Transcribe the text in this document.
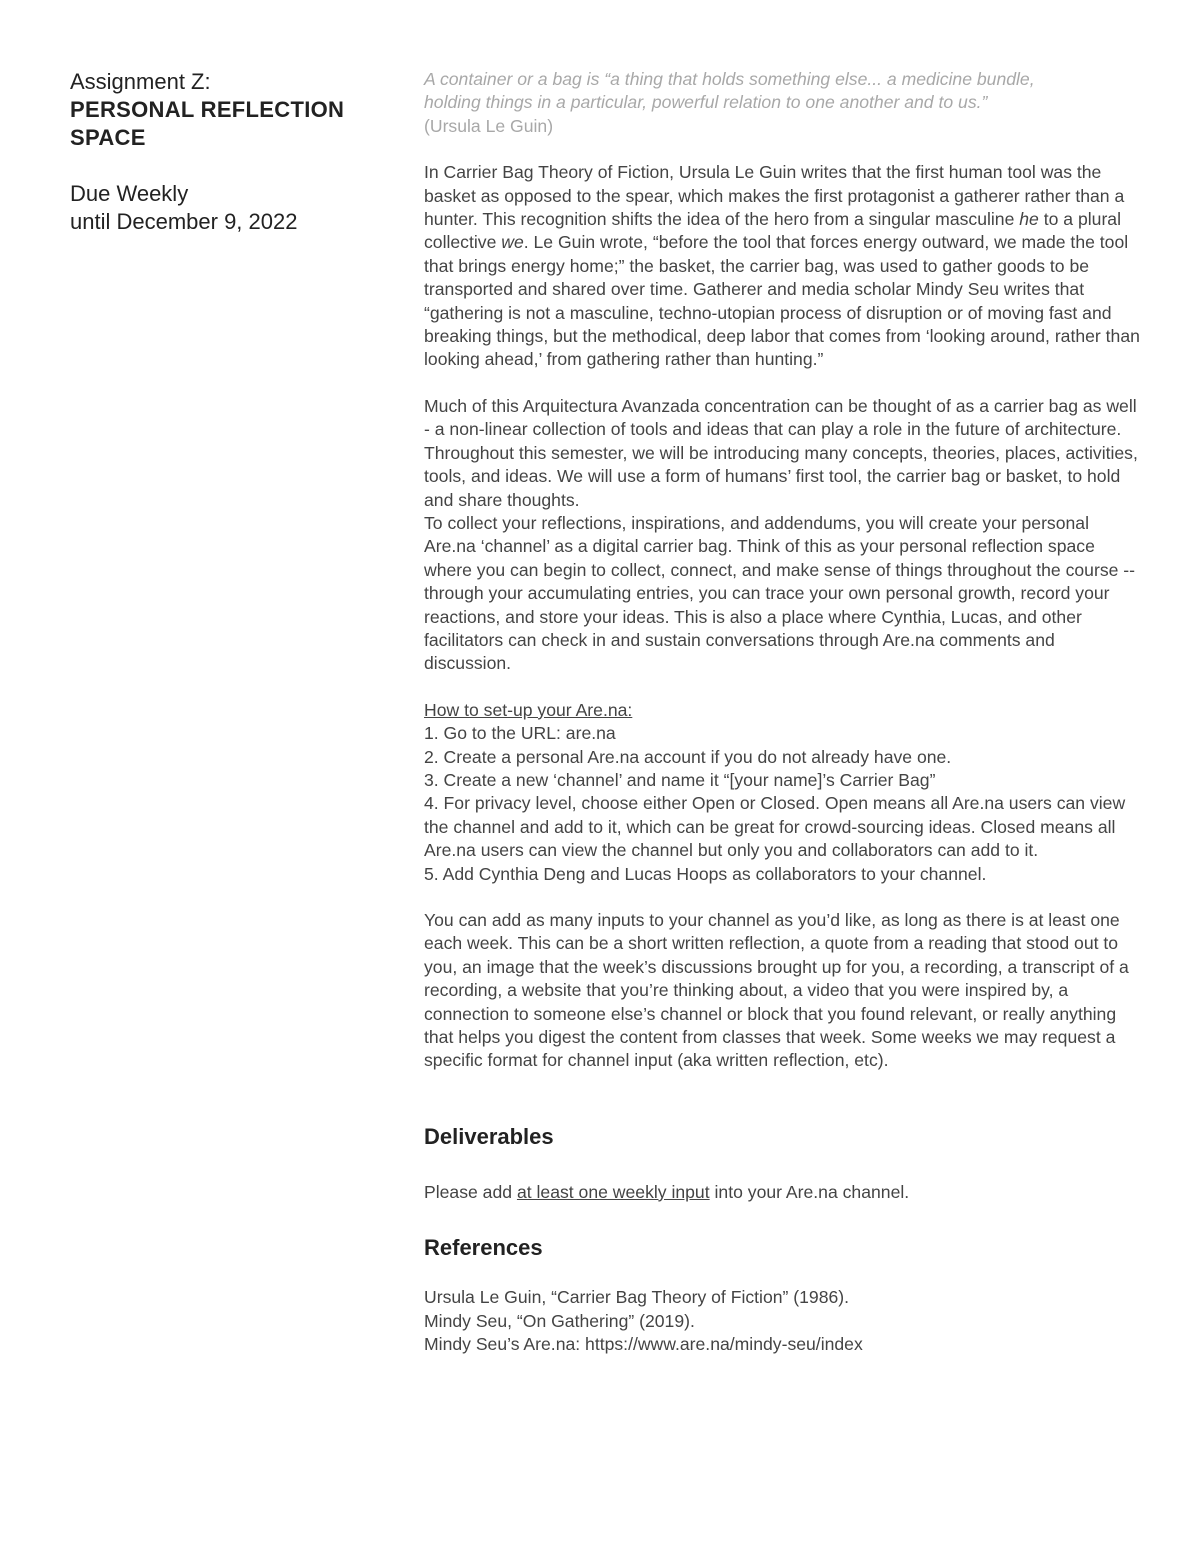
Assignment Z:
PERSONAL REFLECTION
SPACE
Due Weekly
until December 9, 2022
A container or a bag is “a thing that holds something else... a medicine bundle,
holding things in a particular, powerful relation to one another and to us.”
(Ursula Le Guin)

In Carrier Bag Theory of Fiction, Ursula Le Guin writes that the first human tool was the basket as opposed to the spear, which makes the first protagonist a gatherer rather than a hunter. This recognition shifts the idea of the hero from a singular masculine he to a plural collective we. Le Guin wrote, “before the tool that forces energy outward, we made the tool that brings energy home;” the basket, the carrier bag, was used to gather goods to be transported and shared over time. Gatherer and media scholar Mindy Seu writes that “gathering is not a masculine, techno-utopian process of disruption or of moving fast and breaking things, but the methodical, deep labor that comes from ‘looking around, rather than looking ahead,’ from gathering rather than hunting.”

Much of this Arquitectura Avanzada concentration can be thought of as a carrier bag as well - a non-linear collection of tools and ideas that can play a role in the future of architecture. Throughout this semester, we will be introducing many concepts, theories, places, activities, tools, and ideas. We will use a form of humans’ first tool, the carrier bag or basket, to hold and share thoughts.

To collect your reflections, inspirations, and addendums, you will create your personal Are.na ‘channel’ as a digital carrier bag. Think of this as your personal reflection space where you can begin to collect, connect, and make sense of things throughout the course -- through your accumulating entries, you can trace your own personal growth, record your reactions, and store your ideas. This is also a place where Cynthia, Lucas, and other facilitators can check in and sustain conversations through Are.na comments and discussion.

How to set-up your Are.na:
1. Go to the URL: are.na
2. Create a personal Are.na account if you do not already have one.
3. Create a new ‘channel’ and name it “[your name]’s Carrier Bag”
4. For privacy level, choose either Open or Closed. Open means all Are.na users can view the channel and add to it, which can be great for crowd-sourcing ideas. Closed means all Are.na users can view the channel but only you and collaborators can add to it.
5. Add Cynthia Deng and Lucas Hoops as collaborators to your channel.

You can add as many inputs to your channel as you’d like, as long as there is at least one each week. This can be a short written reflection, a quote from a reading that stood out to you, an image that the week’s discussions brought up for you, a recording, a transcript of a recording, a website that you’re thinking about, a video that you were inspired by, a connection to someone else’s channel or block that you found relevant, or really anything that helps you digest the content from classes that week. Some weeks we may request a specific format for channel input (aka written reflection, etc).

Deliverables

Please add at least one weekly input into your Are.na channel.

References
Ursula Le Guin, “Carrier Bag Theory of Fiction” (1986).
Mindy Seu, “On Gathering” (2019).
Mindy Seu’s Are.na: https://www.are.na/mindy-seu/index
